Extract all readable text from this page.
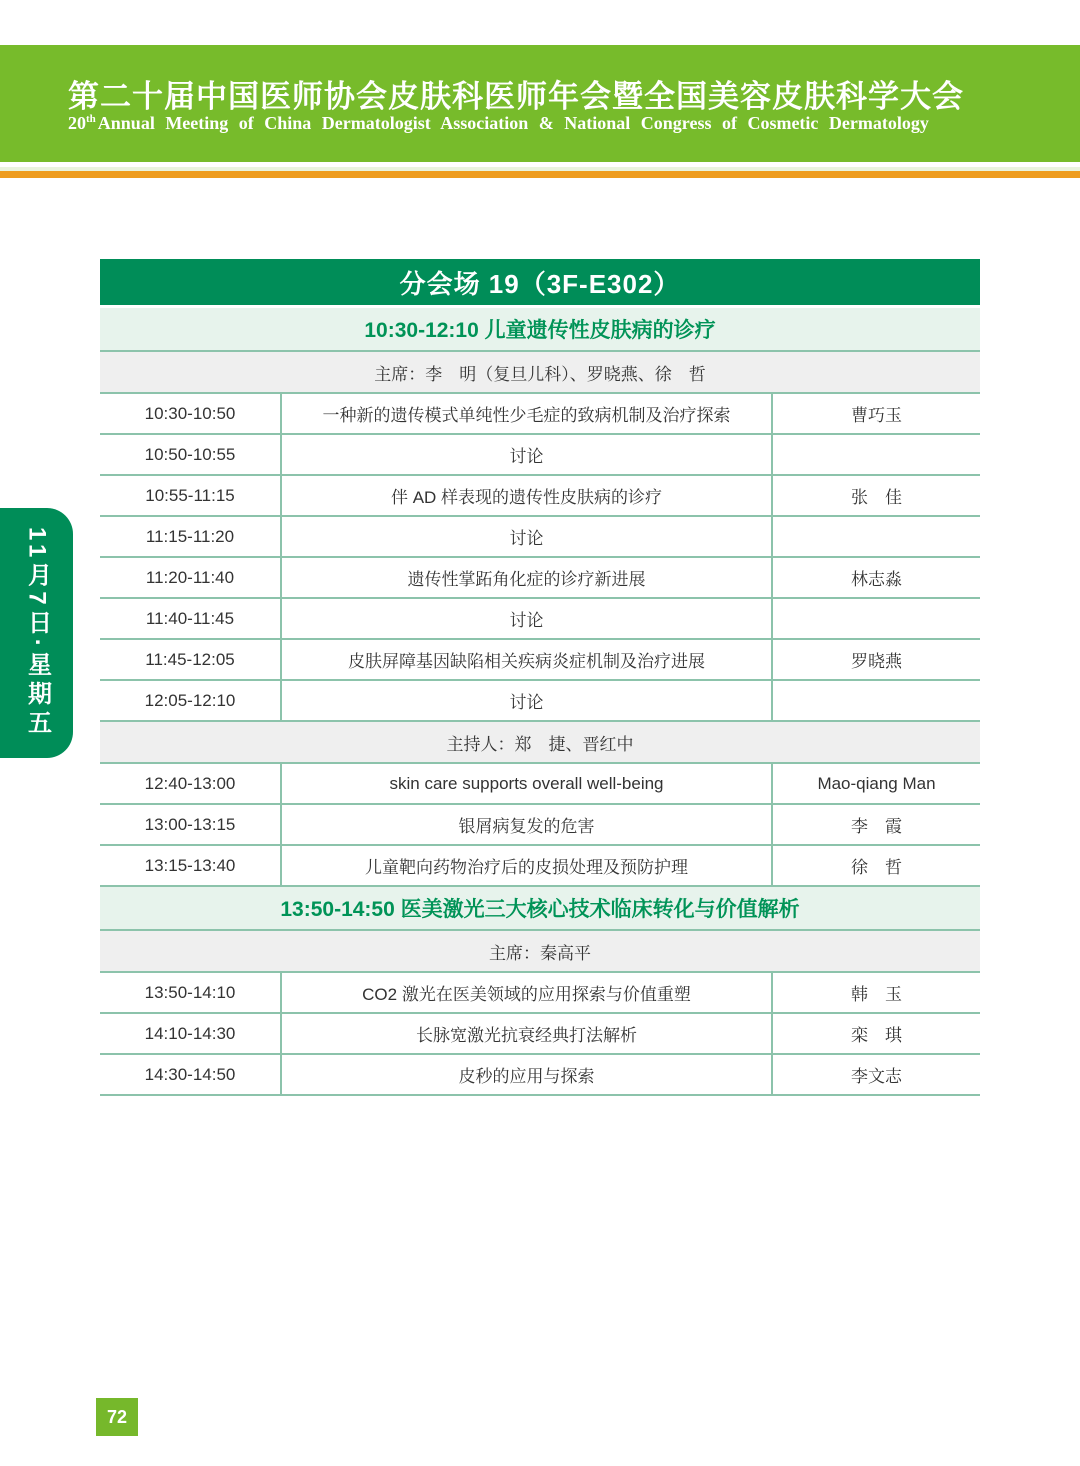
第二十届中国医师协会皮肤科医师年会暨全国美容皮肤科学大会
20th Annual Meeting of China Dermatologist Association & National Congress of Cosmetic Dermatology
11月7日·星期五
分会场 19（3F-E302）
10:30-12:10 儿童遗传性皮肤病的诊疗
主席：李　明（复旦儿科）、罗晓燕、徐　哲
10:30-10:50	一种新的遗传模式单纯性少毛症的致病机制及治疗探索	曹巧玉
10:50-10:55	讨论
10:55-11:15	伴 AD 样表现的遗传性皮肤病的诊疗	张　佳
11:15-11:20	讨论
11:20-11:40	遗传性掌跖角化症的诊疗新进展	林志淼
11:40-11:45	讨论
11:45-12:05	皮肤屏障基因缺陷相关疾病炎症机制及治疗进展	罗晓燕
12:05-12:10	讨论
主持人：郑　捷、晋红中
12:40-13:00	skin care supports overall well-being	Mao-qiang Man
13:00-13:15	银屑病复发的危害	李　霞
13:15-13:40	儿童靶向药物治疗后的皮损处理及预防护理	徐　哲
13:50-14:50 医美激光三大核心技术临床转化与价值解析
主席：秦高平
13:50-14:10	CO2 激光在医美领域的应用探索与价值重塑	韩　玉
14:10-14:30	长脉宽激光抗衰经典打法解析	栾　琪
14:30-14:50	皮秒的应用与探索	李文志
72
